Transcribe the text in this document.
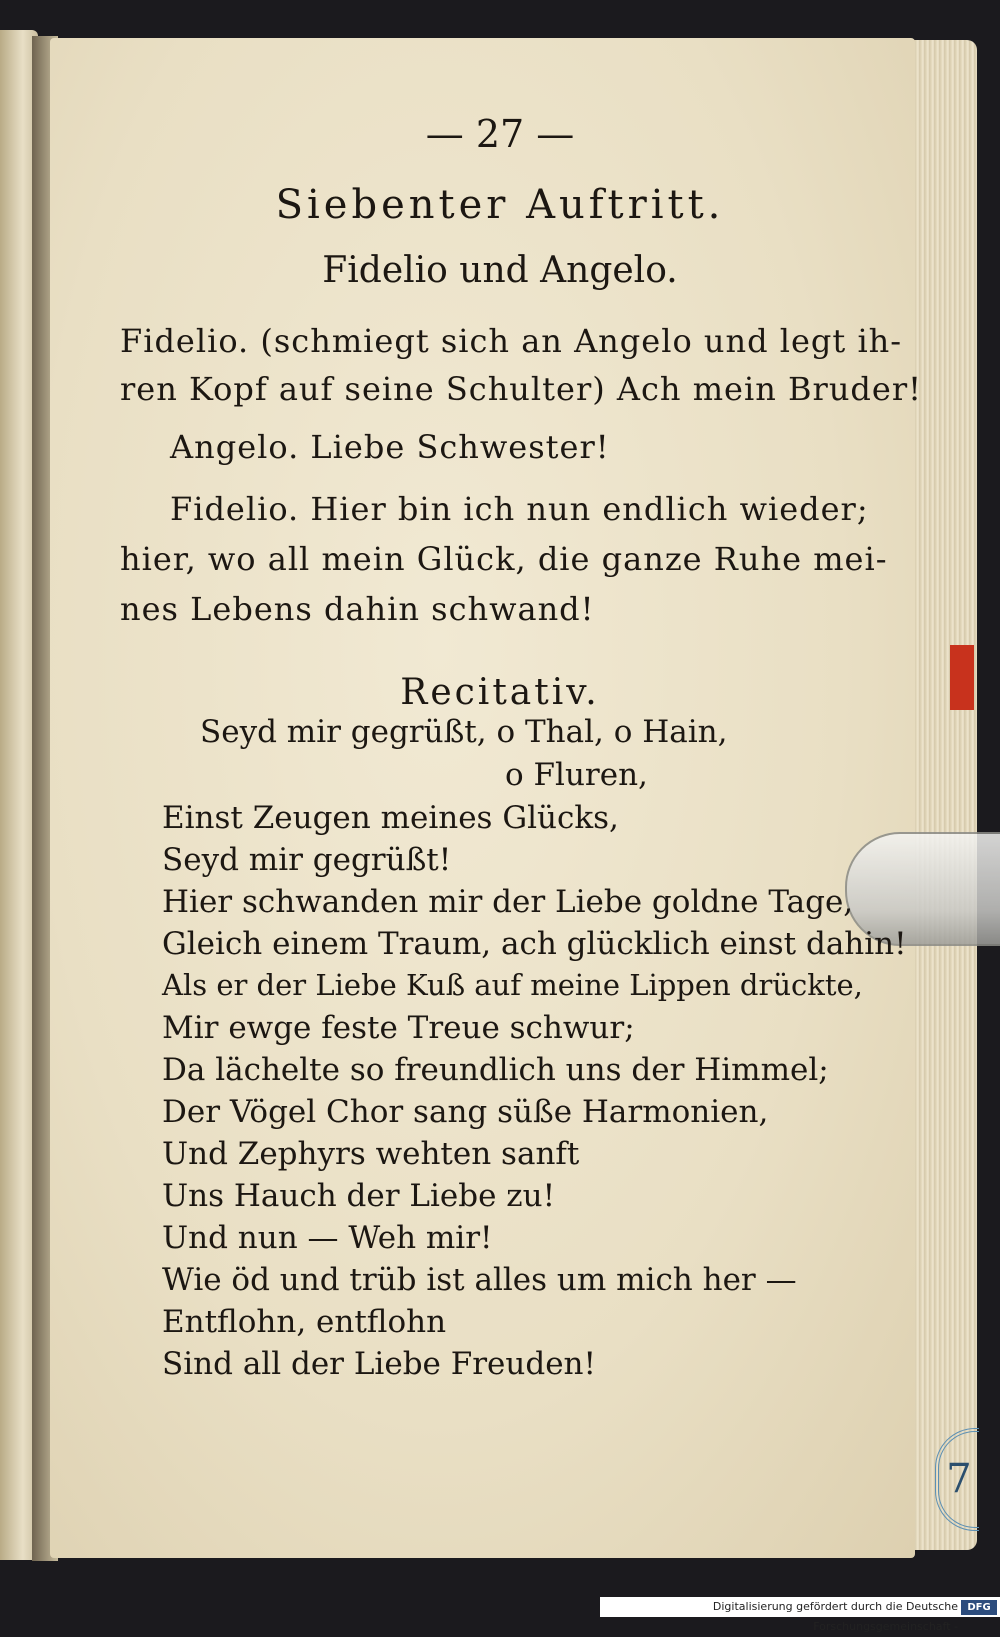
7
— 27 —
Siebenter Auftritt.
Fidelio und Angelo.
Fidelio. (schmiegt sich an Angelo und legt ih-
ren Kopf auf seine Schulter) Ach mein Bruder!
Angelo. Liebe Schwester!
Fidelio. Hier bin ich nun endlich wieder;
hier, wo all mein Glück, die ganze Ruhe mei-
nes Lebens dahin schwand!
Recitativ.
Seyd mir gegrüßt, o Thal, o Hain,
o Fluren,
Einst Zeugen meines Glücks,
Seyd mir gegrüßt!
Hier schwanden mir der Liebe goldne Tage,
Gleich einem Traum, ach glücklich einst dahin!
Als er der Liebe Kuß auf meine Lippen drückte,
Mir ewge feste Treue schwur;
Da lächelte so freundlich uns der Himmel;
Der Vögel Chor sang süße Harmonien,
Und Zephyrs wehten sanft
Uns Hauch der Liebe zu!
Und nun — Weh mir!
Wie öd und trüb ist alles um mich her —
Entflohn, entflohn
Sind all der Liebe Freuden!
Digitalisierung gefördert durch die Deutsche Forschungsgemeinschaft -
DFG
